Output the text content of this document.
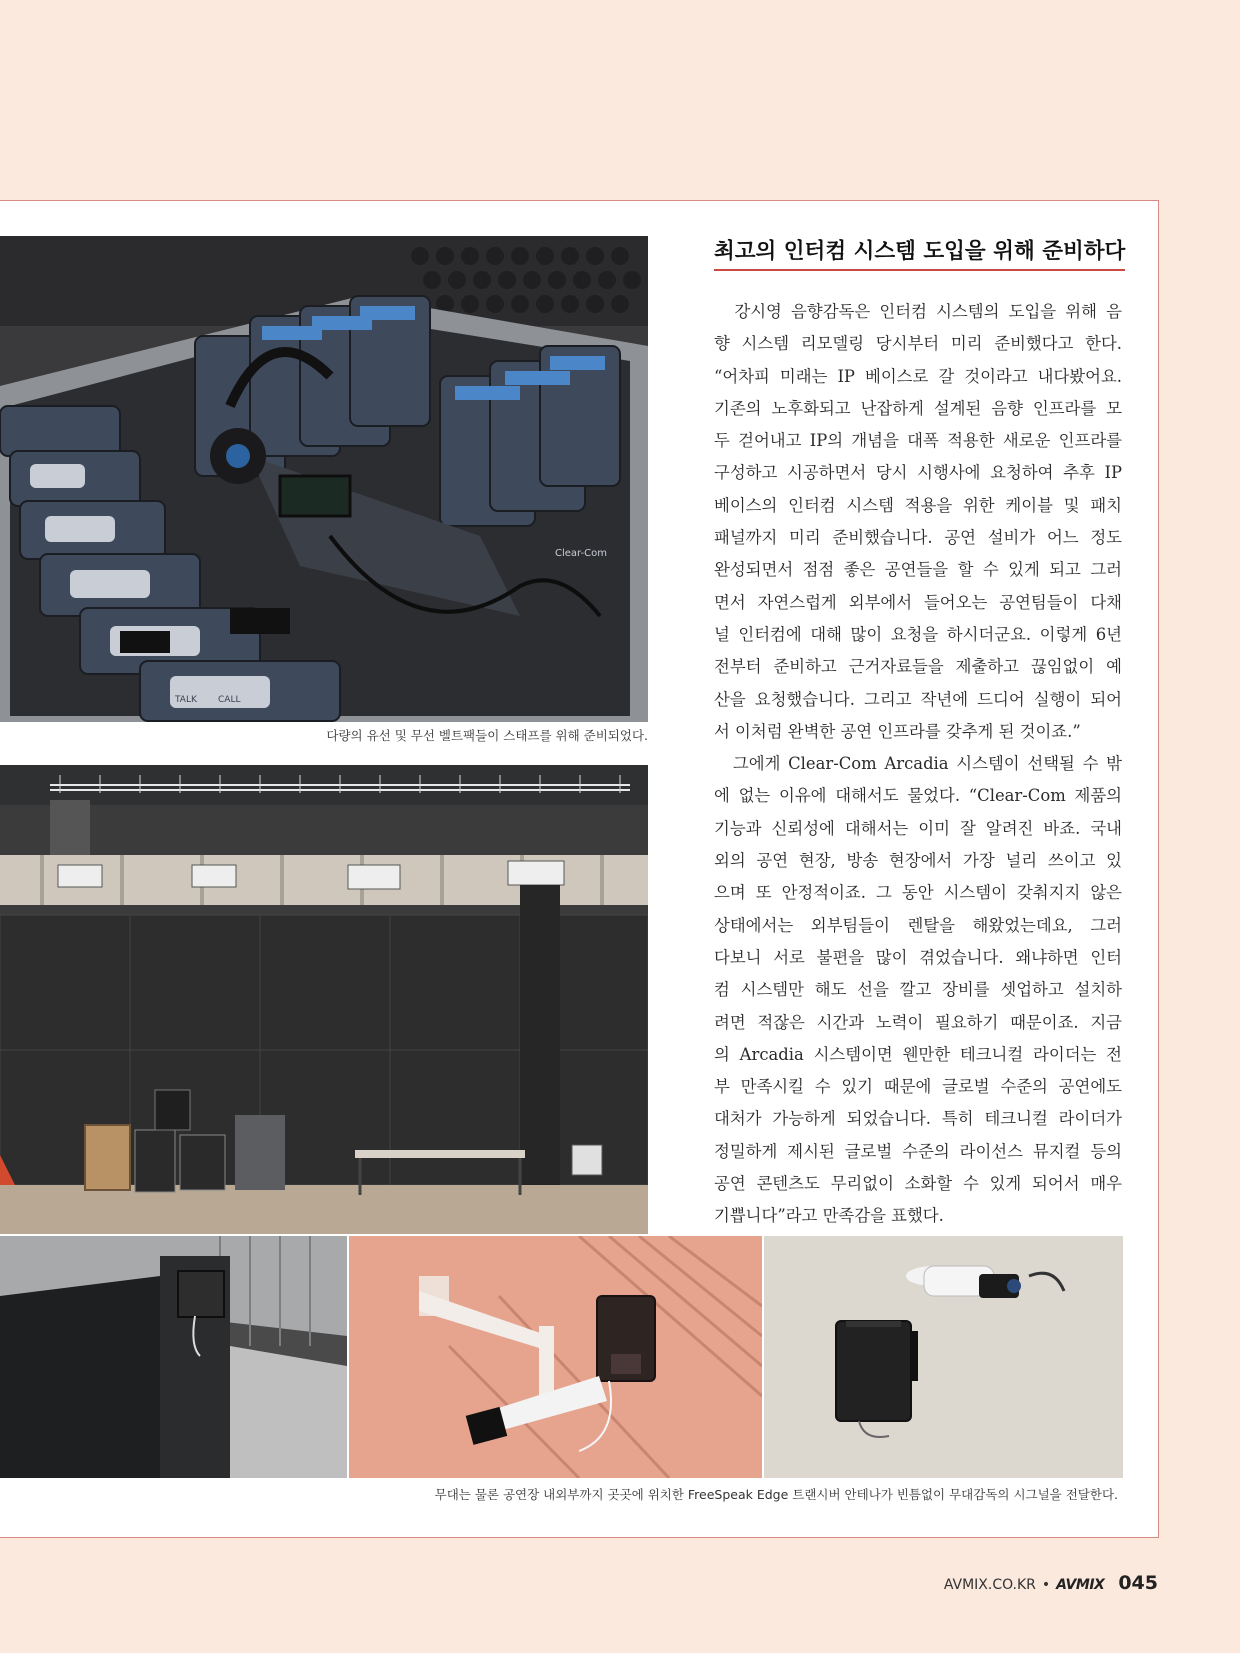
Clear-Com
TALK CALL
다량의 유선 및 무선 벨트팩들이 스태프를 위해 준비되었다.
무대는 물론 공연장 내외부까지 곳곳에 위치한 FreeSpeak Edge 트랜시버 안테나가 빈틈없이 무대감독의 시그널을 전달한다.
최고의 인터컴 시스템 도입을 위해 준비하다
　강시영 음향감독은 인터컴 시스템의 도입을 위해 음
향 시스템 리모델링 당시부터 미리 준비했다고 한다.
“어차피 미래는 IP 베이스로 갈 것이라고 내다봤어요.
기존의 노후화되고 난잡하게 설계된 음향 인프라를 모
두 걷어내고 IP의 개념을 대폭 적용한 새로운 인프라를
구성하고 시공하면서 당시 시행사에 요청하여 추후 IP
베이스의 인터컴 시스템 적용을 위한 케이블 및 패치
패널까지 미리 준비했습니다. 공연 설비가 어느 정도
완성되면서 점점 좋은 공연들을 할 수 있게 되고 그러
면서 자연스럽게 외부에서 들어오는 공연팀들이 다채
널 인터컴에 대해 많이 요청을 하시더군요. 이렇게 6년
전부터 준비하고 근거자료들을 제출하고 끊임없이 예
산을 요청했습니다. 그리고 작년에 드디어 실행이 되어
서 이처럼 완벽한 공연 인프라를 갖추게 된 것이죠.”
　그에게 Clear-Com Arcadia 시스템이 선택될 수 밖
에 없는 이유에 대해서도 물었다. “Clear-Com 제품의
기능과 신뢰성에 대해서는 이미 잘 알려진 바죠. 국내
외의 공연 현장, 방송 현장에서 가장 널리 쓰이고 있
으며 또 안정적이죠. 그 동안 시스템이 갖춰지지 않은
상태에서는 외부팀들이 렌탈을 해왔었는데요, 그러
다보니 서로 불편을 많이 겪었습니다. 왜냐하면 인터
컴 시스템만 해도 선을 깔고 장비를 셋업하고 설치하
려면 적잖은 시간과 노력이 필요하기 때문이죠. 지금
의 Arcadia 시스템이면 웬만한 테크니컬 라이더는 전
부 만족시킬 수 있기 때문에 글로벌 수준의 공연에도
대처가 가능하게 되었습니다. 특히 테크니컬 라이더가
정밀하게 제시된 글로벌 수준의 라이선스 뮤지컬 등의
공연 콘텐츠도 무리없이 소화할 수 있게 되어서 매우
기쁩니다”라고 만족감을 표했다.
AVMIX.CO.KR • AVMIX 045
